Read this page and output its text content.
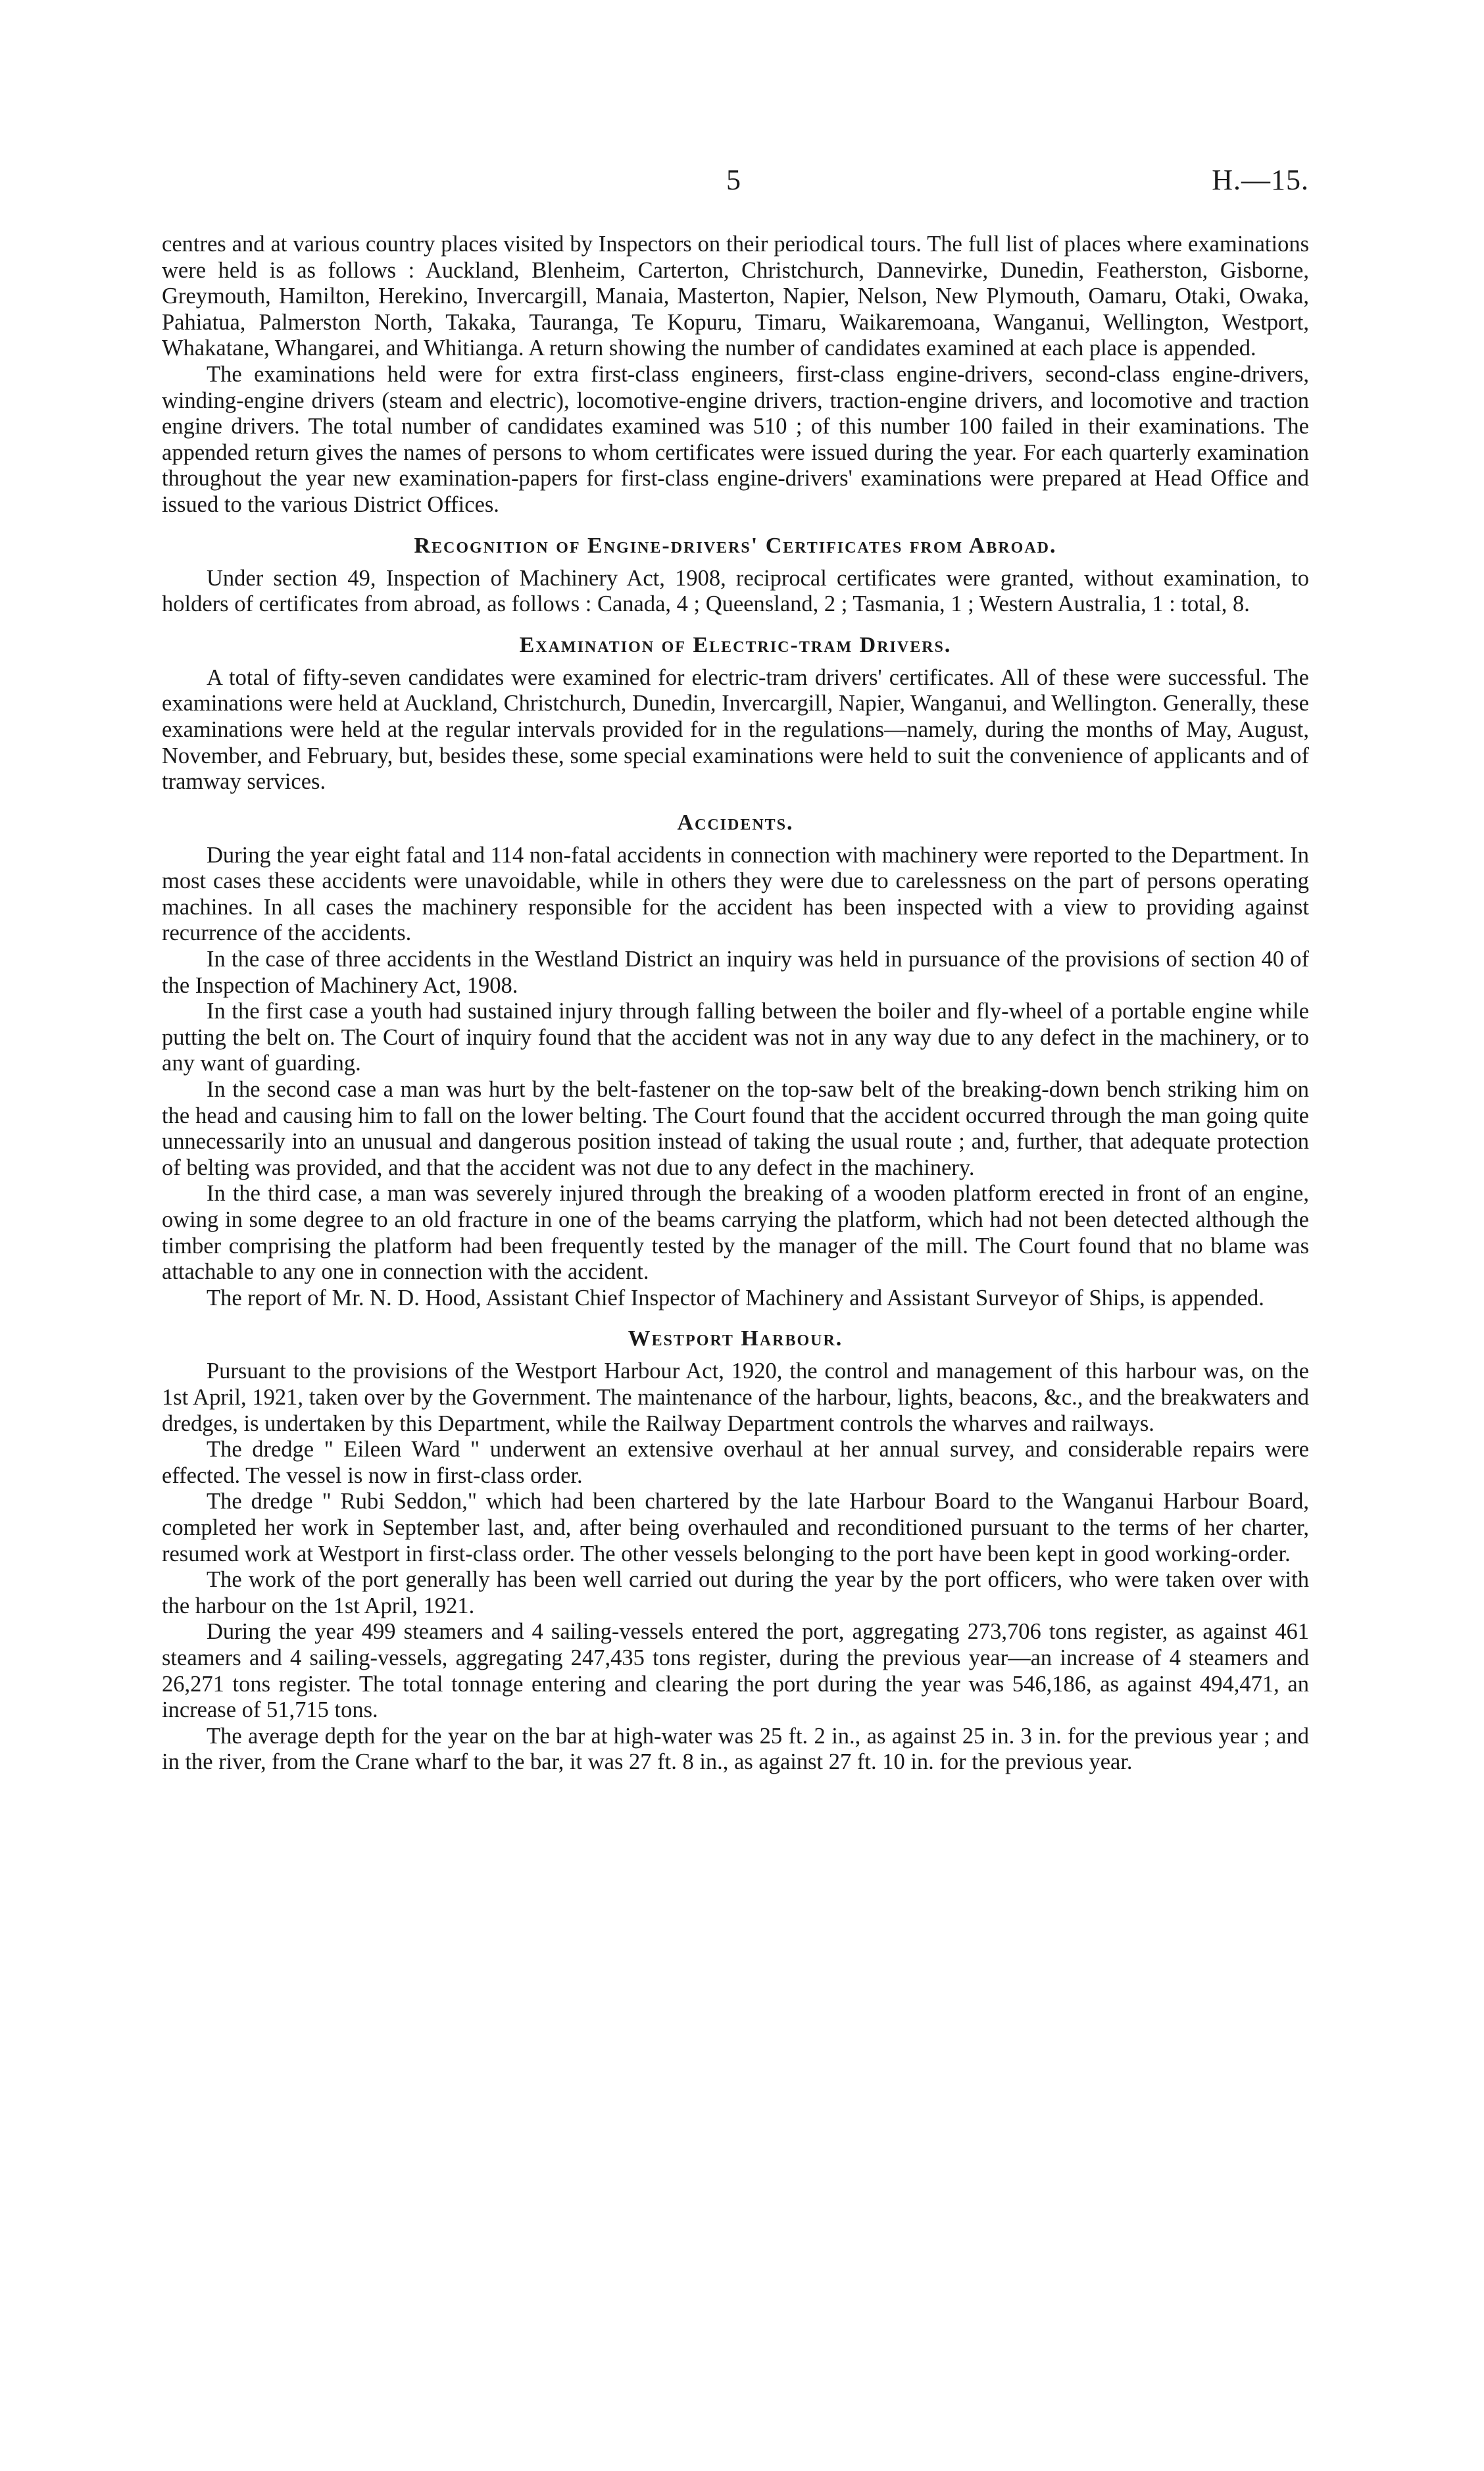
5	H.—15.

centres and at various country places visited by Inspectors on their periodical tours. The full list of places where examinations were held is as follows : Auckland, Blenheim, Carterton, Christchurch, Dannevirke, Dunedin, Featherston, Gisborne, Greymouth, Hamilton, Herekino, Invercargill, Manaia, Masterton, Napier, Nelson, New Plymouth, Oamaru, Otaki, Owaka, Pahiatua, Palmerston North, Takaka, Tauranga, Te Kopuru, Timaru, Waikaremoana, Wanganui, Wellington, Westport, Whakatane, Whangarei, and Whitianga. A return showing the number of candidates examined at each place is appended.

The examinations held were for extra first-class engineers, first-class engine-drivers, second-class engine-drivers, winding-engine drivers (steam and electric), locomotive-engine drivers, traction-engine drivers, and locomotive and traction engine drivers. The total number of candidates examined was 510 ; of this number 100 failed in their examinations. The appended return gives the names of persons to whom certificates were issued during the year. For each quarterly examination throughout the year new examination-papers for first-class engine-drivers' examinations were prepared at Head Office and issued to the various District Offices.

Recognition of Engine-drivers' Certificates from Abroad.

Under section 49, Inspection of Machinery Act, 1908, reciprocal certificates were granted, without examination, to holders of certificates from abroad, as follows : Canada, 4 ; Queensland, 2 ; Tasmania, 1 ; Western Australia, 1 : total, 8.

Examination of Electric-tram Drivers.

A total of fifty-seven candidates were examined for electric-tram drivers' certificates. All of these were successful. The examinations were held at Auckland, Christchurch, Dunedin, Invercargill, Napier, Wanganui, and Wellington. Generally, these examinations were held at the regular intervals provided for in the regulations—namely, during the months of May, August, November, and February, but, besides these, some special examinations were held to suit the convenience of applicants and of tramway services.

Accidents.

During the year eight fatal and 114 non-fatal accidents in connection with machinery were reported to the Department. In most cases these accidents were unavoidable, while in others they were due to carelessness on the part of persons operating machines. In all cases the machinery responsible for the accident has been inspected with a view to providing against recurrence of the accidents.

In the case of three accidents in the Westland District an inquiry was held in pursuance of the provisions of section 40 of the Inspection of Machinery Act, 1908.

In the first case a youth had sustained injury through falling between the boiler and fly-wheel of a portable engine while putting the belt on. The Court of inquiry found that the accident was not in any way due to any defect in the machinery, or to any want of guarding.

In the second case a man was hurt by the belt-fastener on the top-saw belt of the breaking-down bench striking him on the head and causing him to fall on the lower belting. The Court found that the accident occurred through the man going quite unnecessarily into an unusual and dangerous position instead of taking the usual route ; and, further, that adequate protection of belting was provided, and that the accident was not due to any defect in the machinery.

In the third case, a man was severely injured through the breaking of a wooden platform erected in front of an engine, owing in some degree to an old fracture in one of the beams carrying the platform, which had not been detected although the timber comprising the platform had been frequently tested by the manager of the mill. The Court found that no blame was attachable to any one in connection with the accident.

The report of Mr. N. D. Hood, Assistant Chief Inspector of Machinery and Assistant Surveyor of Ships, is appended.

Westport Harbour.

Pursuant to the provisions of the Westport Harbour Act, 1920, the control and management of this harbour was, on the 1st April, 1921, taken over by the Government. The maintenance of the harbour, lights, beacons, &c., and the breakwaters and dredges, is undertaken by this Department, while the Railway Department controls the wharves and railways.

The dredge " Eileen Ward " underwent an extensive overhaul at her annual survey, and considerable repairs were effected. The vessel is now in first-class order.

The dredge " Rubi Seddon," which had been chartered by the late Harbour Board to the Wanganui Harbour Board, completed her work in September last, and, after being overhauled and reconditioned pursuant to the terms of her charter, resumed work at Westport in first-class order. The other vessels belonging to the port have been kept in good working-order.

The work of the port generally has been well carried out during the year by the port officers, who were taken over with the harbour on the 1st April, 1921.

During the year 499 steamers and 4 sailing-vessels entered the port, aggregating 273,706 tons register, as against 461 steamers and 4 sailing-vessels, aggregating 247,435 tons register, during the previous year—an increase of 4 steamers and 26,271 tons register. The total tonnage entering and clearing the port during the year was 546,186, as against 494,471, an increase of 51,715 tons.

The average depth for the year on the bar at high-water was 25 ft. 2 in., as against 25 in. 3 in. for the previous year ; and in the river, from the Crane wharf to the bar, it was 27 ft. 8 in., as against 27 ft. 10 in. for the previous year.
